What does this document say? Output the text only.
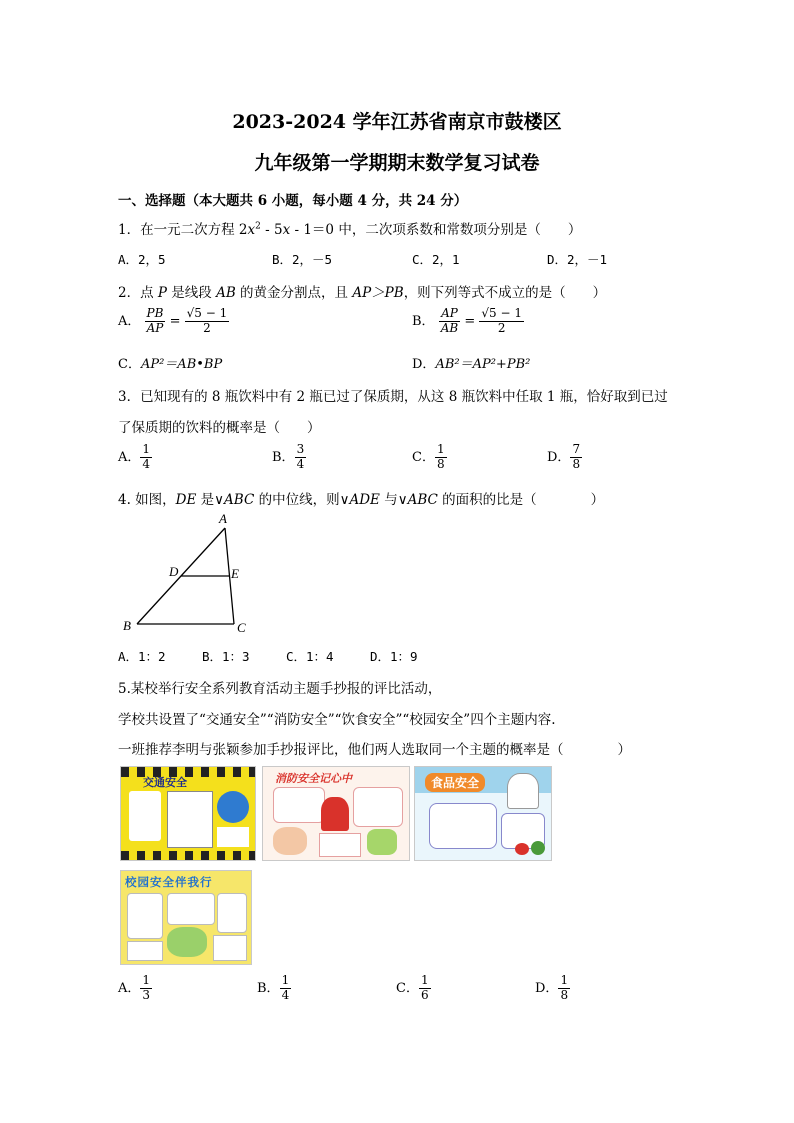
2023-2024 学年江苏省南京市鼓楼区
九年级第一学期期末数学复习试卷
一、选择题（本大题共 6 小题，每小题 4 分，共 24 分）
1．在一元二次方程 $2x^2 - 5x - 1=0$ 中，二次项系数和常数项分别是（　　）
A．2，5	B．2，－5	C．2，1	D．2，－1
2．点 P 是线段 AB 的黄金分割点，且 AP＞PB，则下列等式不成立的是（　　）
A． $\frac{PB}{AP} = \frac{√5 - 1}{2}$	B． $\frac{AP}{AB} = \frac{√5 - 1}{2}$
C．AP²＝AB•BP	D．AB²＝AP²+PB²
3．已知现有的 8 瓶饮料中有 2 瓶已过了保质期，从这 8 瓶饮料中任取 1 瓶，恰好取到已过
了保质期的饮料的概率是（　　）
A． $\frac{1}{4}$	B． $\frac{3}{4}$	C． $\frac{1}{8}$	D． $\frac{7}{8}$
4. 如图，DE 是∨ABC 的中位线，则∨ADE 与∨ABC 的面积的比是（　　　　）
A
B	C
D	E
A．1：2	B．1：3	C．1：4	D．1：9
5.某校举行安全系列教育活动主题手抄报的评比活动，
学校共设置了“交通安全”“消防安全”“饮食安全”“校园安全”四个主题内容.
一班推荐李明与张颖参加手抄报评比，他们两人选取同一个主题的概率是（　　　　）
交通安全	消防安全记心中	食品安全
校园安全伴我行
A． $\frac{1}{3}$	B． $\frac{1}{4}$	C． $\frac{1}{6}$	D． $\frac{1}{8}$
